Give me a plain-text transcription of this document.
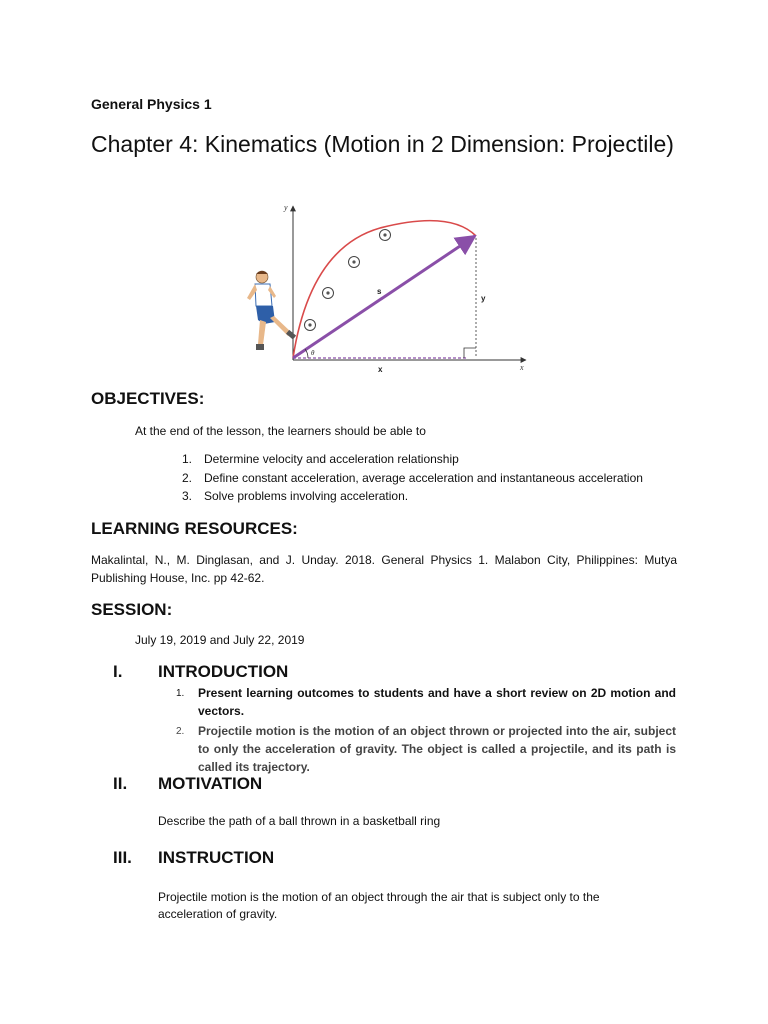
General Physics 1
Chapter 4: Kinematics (Motion in 2 Dimension: Projectile)
y
x
s
y
x
θ
OBJECTIVES:
At the end of the lesson, the learners should be able to
1. Determine velocity and acceleration relationship
2. Define constant acceleration, average acceleration and instantaneous acceleration
3. Solve problems involving acceleration.
LEARNING RESOURCES:
Makalintal, N., M. Dinglasan, and J. Unday. 2018. General Physics 1. Malabon City, Philippines: Mutya Publishing House, Inc. pp 42-62.
SESSION:
July 19, 2019 and July 22, 2019
I. INTRODUCTION
1. Present learning outcomes to students and have a short review on 2D motion and vectors.
2. Projectile motion is the motion of an object thrown or projected into the air, subject to only the acceleration of gravity. The object is called a projectile, and its path is called its trajectory.
II. MOTIVATION
Describe the path of a ball thrown in a basketball ring
III. INSTRUCTION
Projectile motion is the motion of an object through the air that is subject only to the acceleration of gravity.
